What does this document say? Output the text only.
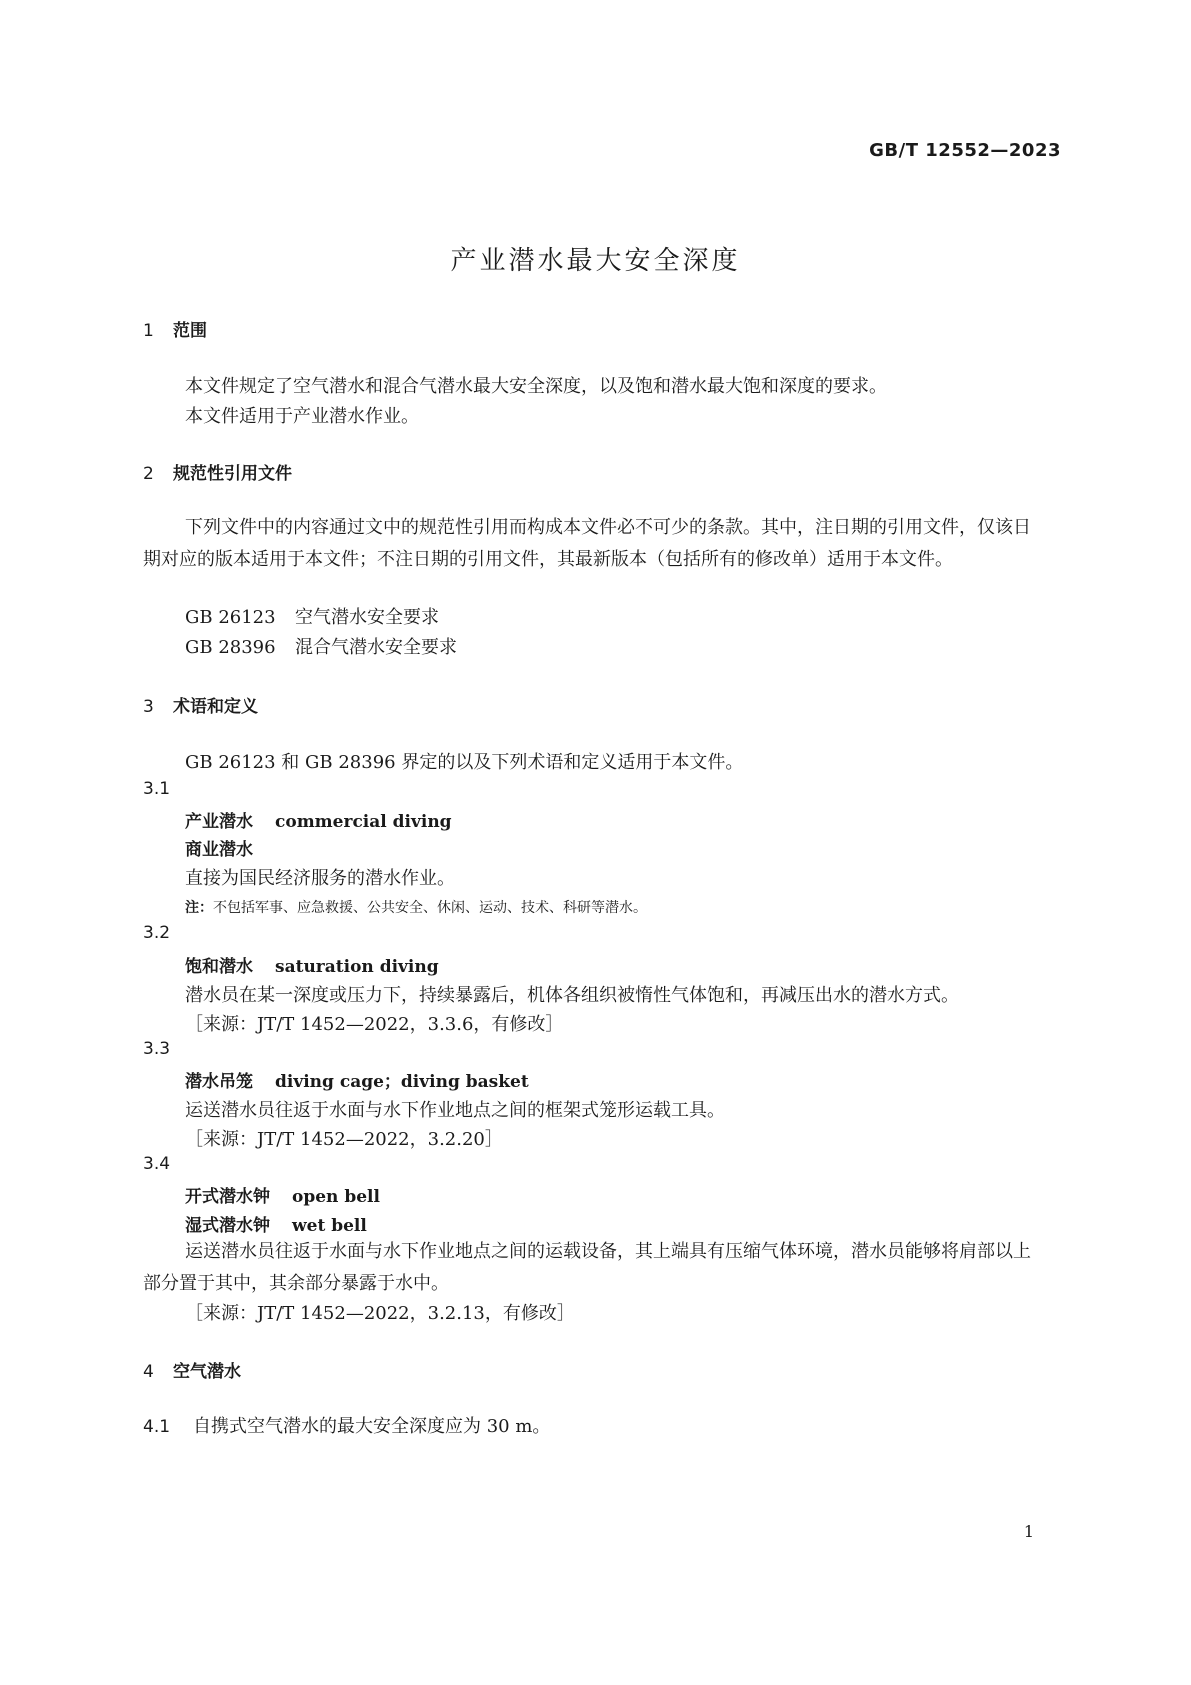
GB/T 12552—2023
产业潜水最大安全深度
1 范围
本文件规定了空气潜水和混合气潜水最大安全深度，以及饱和潜水最大饱和深度的要求。
本文件适用于产业潜水作业。
2 规范性引用文件
下列文件中的内容通过文中的规范性引用而构成本文件必不可少的条款。其中，注日期的引用文件，仅该日期对应的版本适用于本文件；不注日期的引用文件，其最新版本（包括所有的修改单）适用于本文件。
GB 26123 空气潜水安全要求
GB 28396 混合气潜水安全要求
3 术语和定义
GB 26123 和 GB 28396 界定的以及下列术语和定义适用于本文件。
3.1
产业潜水 commercial diving
商业潜水
直接为国民经济服务的潜水作业。
注：不包括军事、应急救援、公共安全、休闲、运动、技术、科研等潜水。
3.2
饱和潜水 saturation diving
潜水员在某一深度或压力下，持续暴露后，机体各组织被惰性气体饱和，再减压出水的潜水方式。
［来源：JT/T 1452—2022，3.3.6，有修改］
3.3
潜水吊笼 diving cage；diving basket
运送潜水员往返于水面与水下作业地点之间的框架式笼形运载工具。
［来源：JT/T 1452—2022，3.2.20］
3.4
开式潜水钟 open bell
湿式潜水钟 wet bell
运送潜水员往返于水面与水下作业地点之间的运载设备，其上端具有压缩气体环境，潜水员能够将肩部以上部分置于其中，其余部分暴露于水中。
［来源：JT/T 1452—2022，3.2.13，有修改］
4 空气潜水
4.1 自携式空气潜水的最大安全深度应为 30 m。
1
